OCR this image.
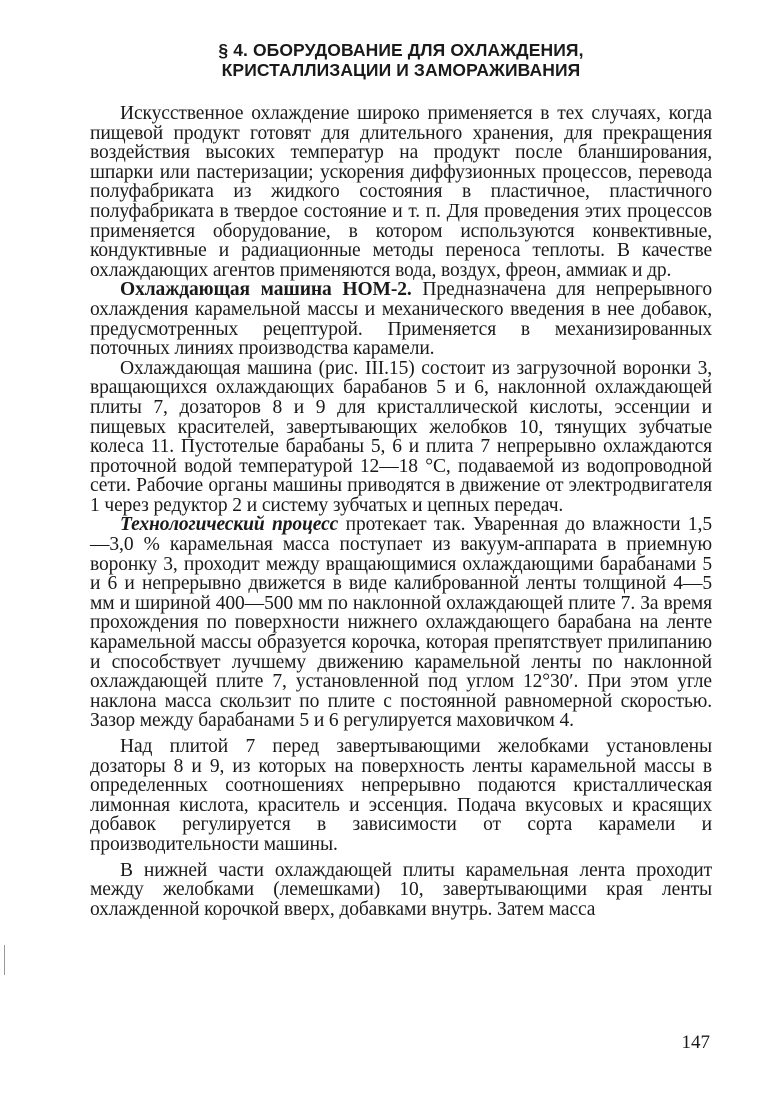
§ 4. ОБОРУДОВАНИЕ ДЛЯ ОХЛАЖДЕНИЯ,
КРИСТАЛЛИЗАЦИИ И ЗАМОРАЖИВАНИЯ

Искусственное охлаждение широко применяется в тех случаях, когда пищевой продукт готовят для длительного хранения, для прекращения воздействия высоких температур на продукт после бланширования, шпарки или пастеризации; ускорения диффузионных процессов, перевода полуфабриката из жидкого состояния в пластичное, пластичного полуфабриката в твердое состояние и т. п. Для проведения этих процессов применяется оборудование, в котором используются конвективные, кондуктивные и радиационные методы переноса теплоты. В качестве охлаждающих агентов применяются вода, воздух, фреон, аммиак и др.

Охлаждающая машина НОМ-2. Предназначена для непрерывного охлаждения карамельной массы и механического введения в нее добавок, предусмотренных рецептурой. Применяется в механизированных поточных линиях производства карамели.

Охлаждающая машина (рис. III.15) состоит из загрузочной воронки 3, вращающихся охлаждающих барабанов 5 и 6, наклонной охлаждающей плиты 7, дозаторов 8 и 9 для кристаллической кислоты, эссенции и пищевых красителей, завертывающих желобков 10, тянущих зубчатые колеса 11. Пустотелые барабаны 5, 6 и плита 7 непрерывно охлаждаются проточной водой температурой 12—18 °С, подаваемой из водопроводной сети. Рабочие органы машины приводятся в движение от электродвигателя 1 через редуктор 2 и систему зубчатых и цепных передач.

Технологический процесс протекает так. Уваренная до влажности 1,5—3,0 % карамельная масса поступает из вакуум-аппарата в приемную воронку 3, проходит между вращающимися охлаждающими барабанами 5 и 6 и непрерывно движется в виде калиброванной ленты толщиной 4—5 мм и шириной 400—500 мм по наклонной охлаждающей плите 7. За время прохождения по поверхности нижнего охлаждающего барабана на ленте карамельной массы образуется корочка, которая препятствует прилипанию и способствует лучшему движению карамельной ленты по наклонной охлаждающей плите 7, установленной под углом 12°30′. При этом угле наклона масса скользит по плите с постоянной равномерной скоростью. Зазор между барабанами 5 и 6 регулируется маховичком 4.

Над плитой 7 перед завертывающими желобками установлены дозаторы 8 и 9, из которых на поверхность ленты карамельной массы в определенных соотношениях непрерывно подаются кристаллическая лимонная кислота, краситель и эссенция. Подача вкусовых и красящих добавок регулируется в зависимости от сорта карамели и производительности машины.

В нижней части охлаждающей плиты карамельная лента проходит между желобками (лемешками) 10, завертывающими края ленты охлажденной корочкой вверх, добавками внутрь. Затем масса

147
